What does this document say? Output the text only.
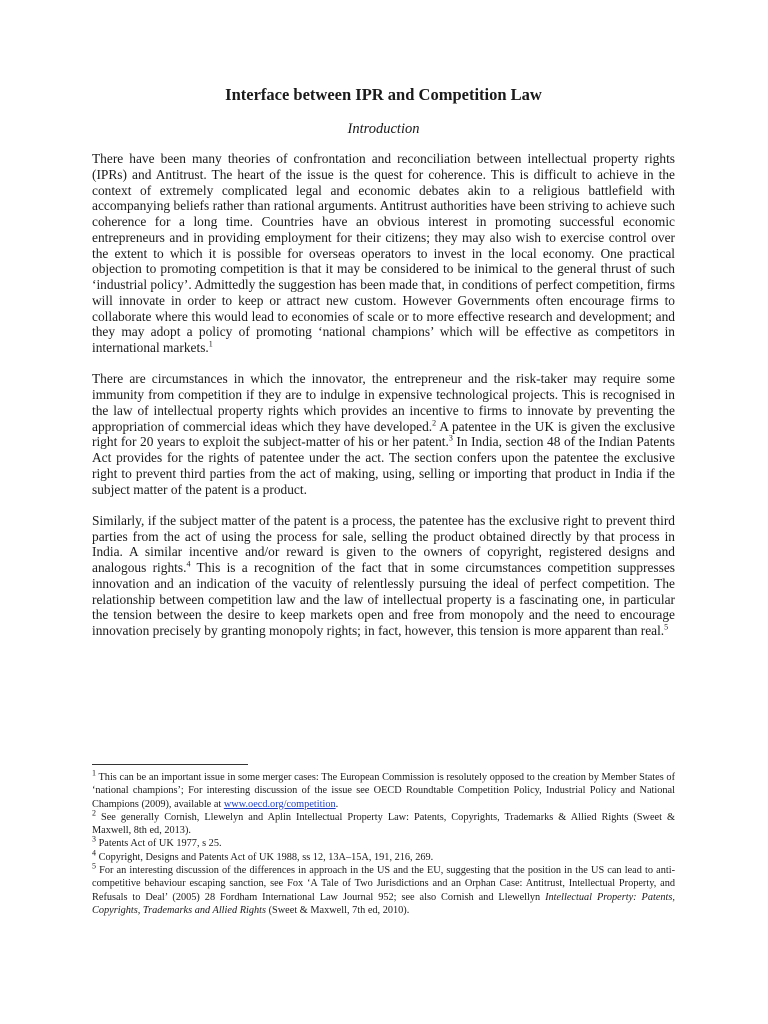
Interface between IPR and Competition Law
Introduction

There have been many theories of confrontation and reconciliation between intellectual property rights (IPRs) and Antitrust. The heart of the issue is the quest for coherence. This is difficult to achieve in the context of extremely complicated legal and economic debates akin to a religious battlefield with accompanying beliefs rather than rational arguments. Antitrust authorities have been striving to achieve such coherence for a long time. Countries have an obvious interest in promoting successful economic entrepreneurs and in providing employment for their citizens; they may also wish to exercise control over the extent to which it is possible for overseas operators to invest in the local economy. One practical objection to promoting competition is that it may be considered to be inimical to the general thrust of such ‘industrial policy’. Admittedly the suggestion has been made that, in conditions of perfect competition, firms will innovate in order to keep or attract new custom. However Governments often encourage firms to collaborate where this would lead to economies of scale or to more effective research and development; and they may adopt a policy of promoting ‘national champions’ which will be effective as competitors in international markets.$^1$

There are circumstances in which the innovator, the entrepreneur and the risk-taker may require some immunity from competition if they are to indulge in expensive technological projects. This is recognised in the law of intellectual property rights which provides an incentive to firms to innovate by preventing the appropriation of commercial ideas which they have developed.$^2$ A patentee in the UK is given the exclusive right for 20 years to exploit the subject-matter of his or her patent.$^3$ In India, section 48 of the Indian Patents Act provides for the rights of patentee under the act. The section confers upon the patentee the exclusive right to prevent third parties from the act of making, using, selling or importing that product in India if the subject matter of the patent is a product.

Similarly, if the subject matter of the patent is a process, the patentee has the exclusive right to prevent third parties from the act of using the process for sale, selling the product obtained directly by that process in India. A similar incentive and/or reward is given to the owners of copyright, registered designs and analogous rights.$^4$ This is a recognition of the fact that in some circumstances competition suppresses innovation and an indication of the vacuity of relentlessly pursuing the ideal of perfect competition. The relationship between competition law and the law of intellectual property is a fascinating one, in particular the tension between the desire to keep markets open and free from monopoly and the need to encourage innovation precisely by granting monopoly rights; in fact, however, this tension is more apparent than real.$^5$

$^1$ This can be an important issue in some merger cases: The European Commission is resolutely opposed to the creation by Member States of ‘national champions’; For interesting discussion of the issue see OECD Roundtable Competition Policy, Industrial Policy and National Champions (2009), available at www.oecd.org/competition.

$^2$ See generally Cornish, Llewelyn and Aplin Intellectual Property Law: Patents, Copyrights, Trademarks & Allied Rights (Sweet & Maxwell, 8th ed, 2013).

$^3$ Patents Act of UK 1977, s 25.

$^4$ Copyright, Designs and Patents Act of UK 1988, ss 12, 13A–15A, 191, 216, 269.

$^5$ For an interesting discussion of the differences in approach in the US and the EU, suggesting that the position in the US can lead to anti-competitive behaviour escaping sanction, see Fox ‘A Tale of Two Jurisdictions and an Orphan Case: Antitrust, Intellectual Property, and Refusals to Deal’ (2005) 28 Fordham International Law Journal 952; see also Cornish and Llewellyn Intellectual Property: Patents, Copyrights, Trademarks and Allied Rights (Sweet & Maxwell, 7th ed, 2010).
